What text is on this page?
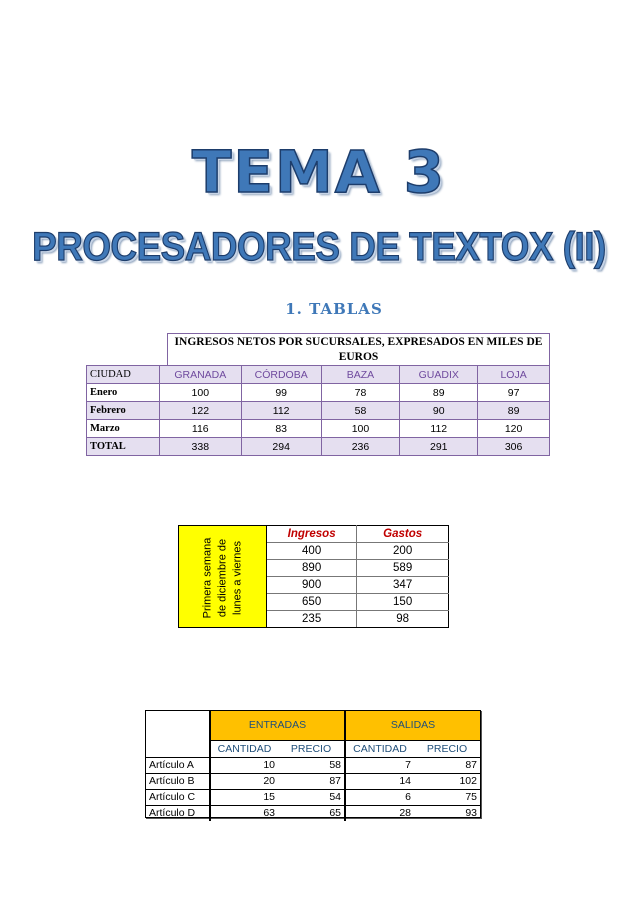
TEMA 3
PROCESADORES DE TEXTOX (II)
1. TABLAS
INGRESOS NETOS POR SUCURSALES, EXPRESADOS EN MILES DE EUROS
CIUDAD	GRANADA	CÓRDOBA	BAZA	GUADIX	LOJA
Enero	100	99	78	89	97
Febrero	122	112	58	90	89
Marzo	116	83	100	112	120
TOTAL	338	294	236	291	306
Primera semana de diciembre de lunes a viernes
Ingresos	Gastos
400	200
890	589
900	347
650	150
235	98
	ENTRADAS		SALIDAS	
	CANTIDAD	PRECIO	CANTIDAD	PRECIO
Artículo A	10	58	7	87
Artículo B	20	87	14	102
Artículo C	15	54	6	75
Artículo D	63	65	28	93
